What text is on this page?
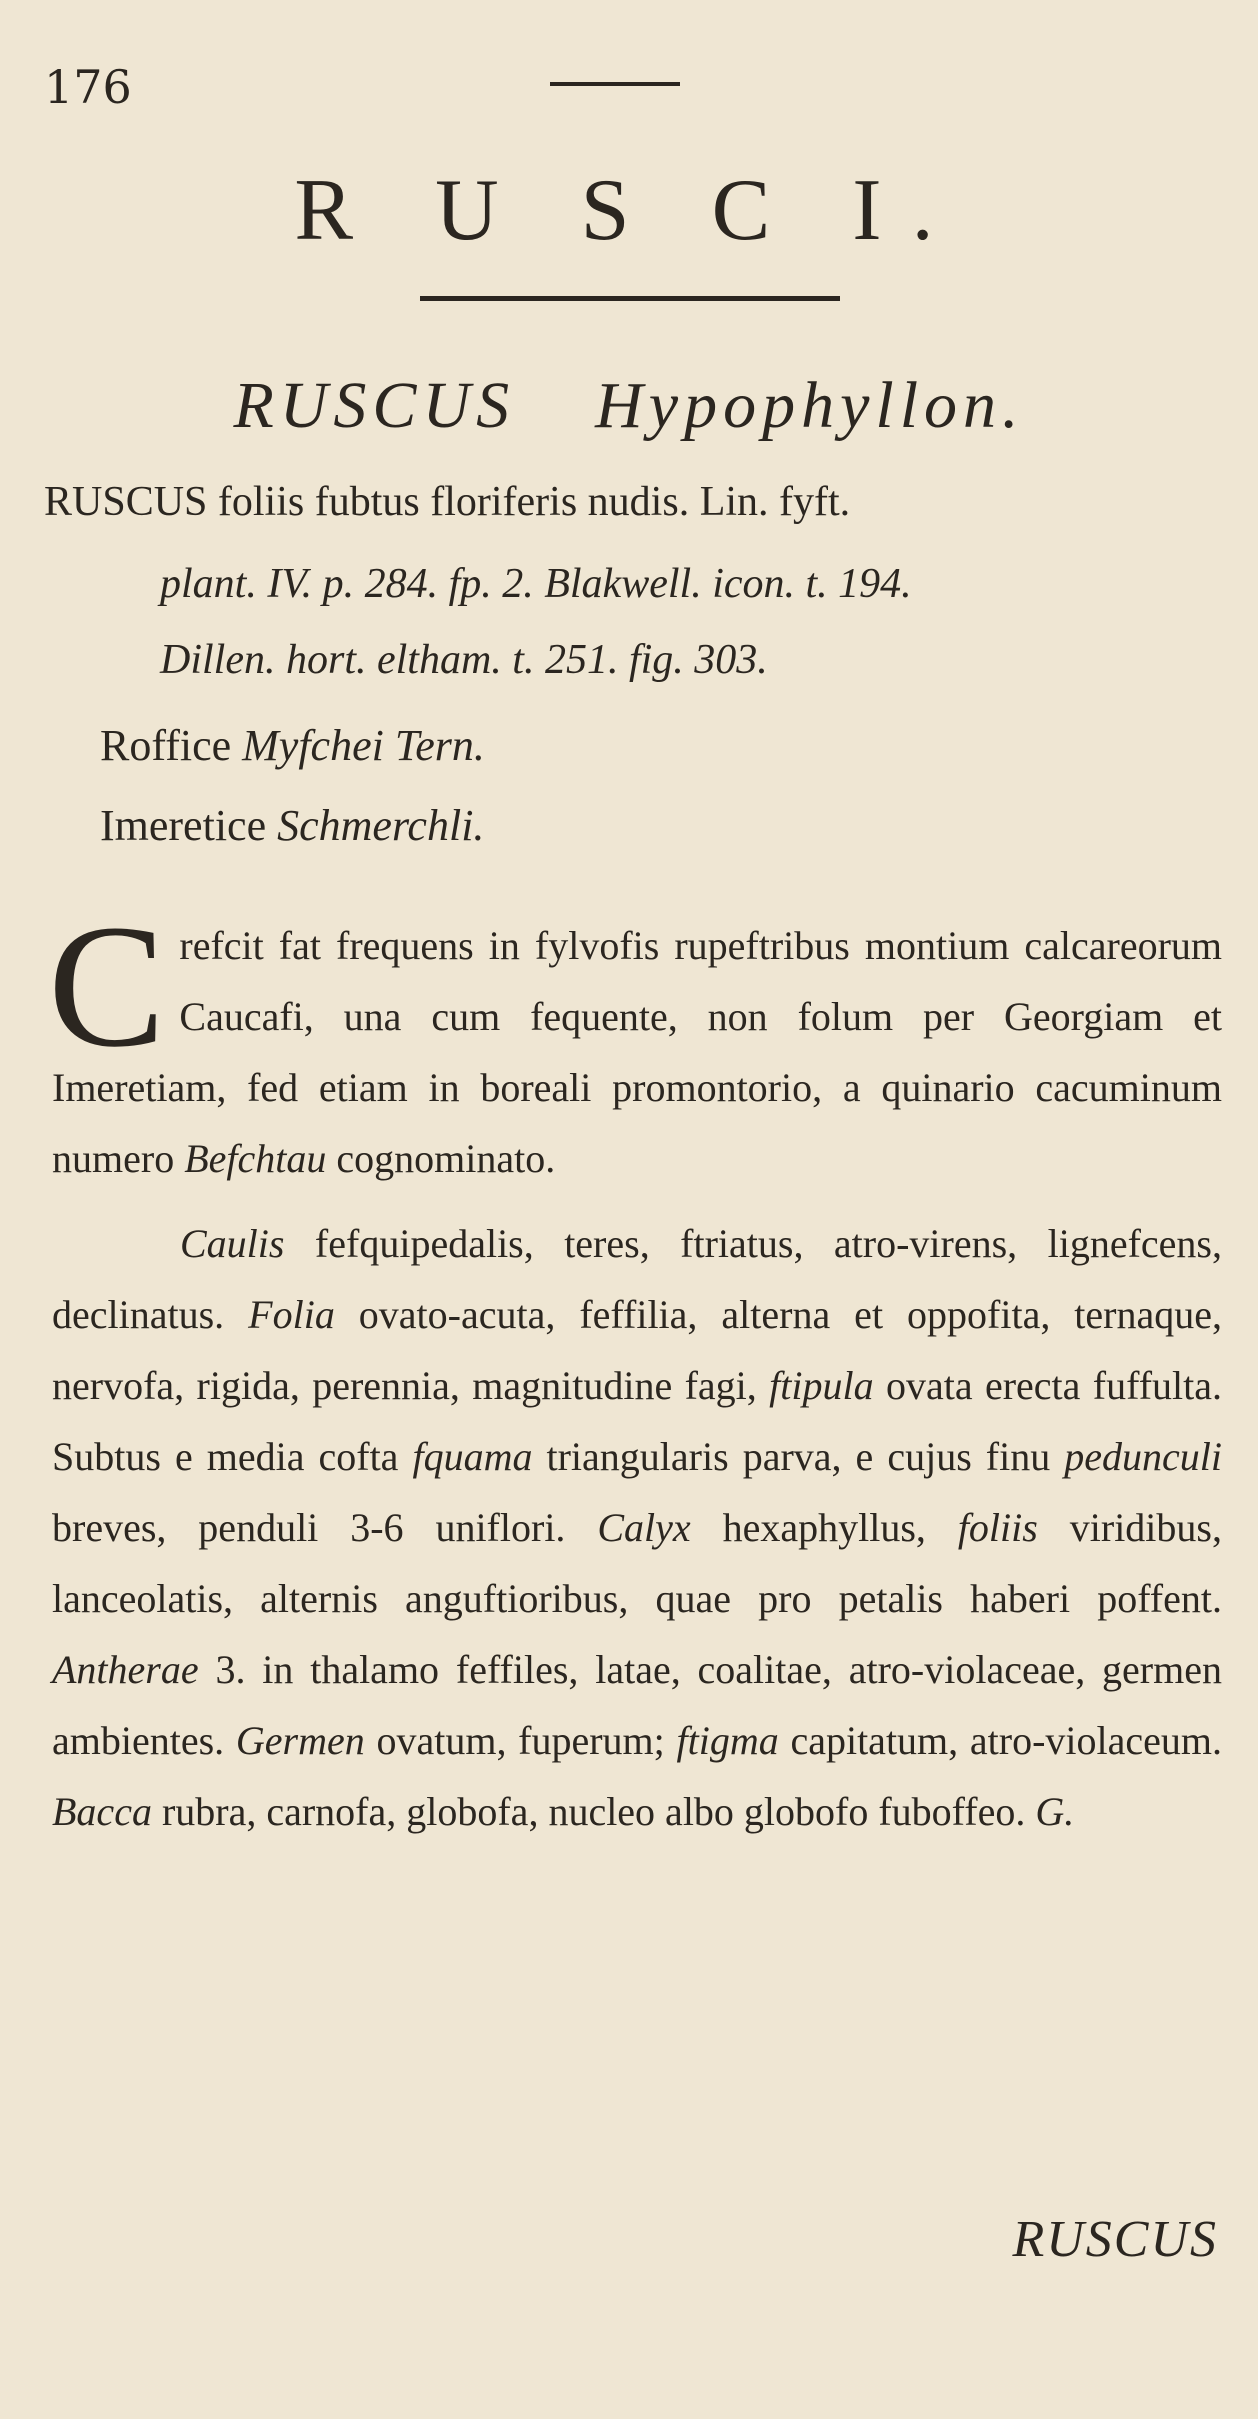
176
R U S C I.
RUSCUS Hypophyllon.
RUSCUS foliis fubtus floriferis nudis. Lin. fyft.
plant. IV. p. 284. fp. 2. Blakwell. icon. t. 194.
Dillen. hort. eltham. t. 251. fig. 303.
Roffice Myfchei Tern.
Imeretice Schmerchli.

Crefcit fat frequens in fylvofis rupeftribus montium calcareorum Caucafi, una cum fequente, non folum per Georgiam et Imeretiam, fed etiam in boreali promontorio, a quinario cacuminum numero Befchtau cognominato.

Caulis fefquipedalis, teres, ftriatus, atro-virens, lignefcens, declinatus. Folia ovato-acuta, feffilia, alterna et oppofita, ternaque, nervofa, rigida, perennia, magnitudine fagi, ftipula ovata erecta fuffulta. Subtus e media cofta fquama triangularis parva, e cujus finu pedunculi breves, penduli 3-6 uniflori. Calyx hexaphyllus, foliis viridibus, lanceolatis, alternis anguftioribus, quae pro petalis haberi poffent. Antherae 3. in thalamo feffiles, latae, coalitae, atro-violaceae, germen ambientes. Germen ovatum, fuperum; ftigma capitatum, atro-violaceum. Bacca rubra, carnofa, globofa, nucleo albo globofo fuboffeo. G.

RUSCUS
